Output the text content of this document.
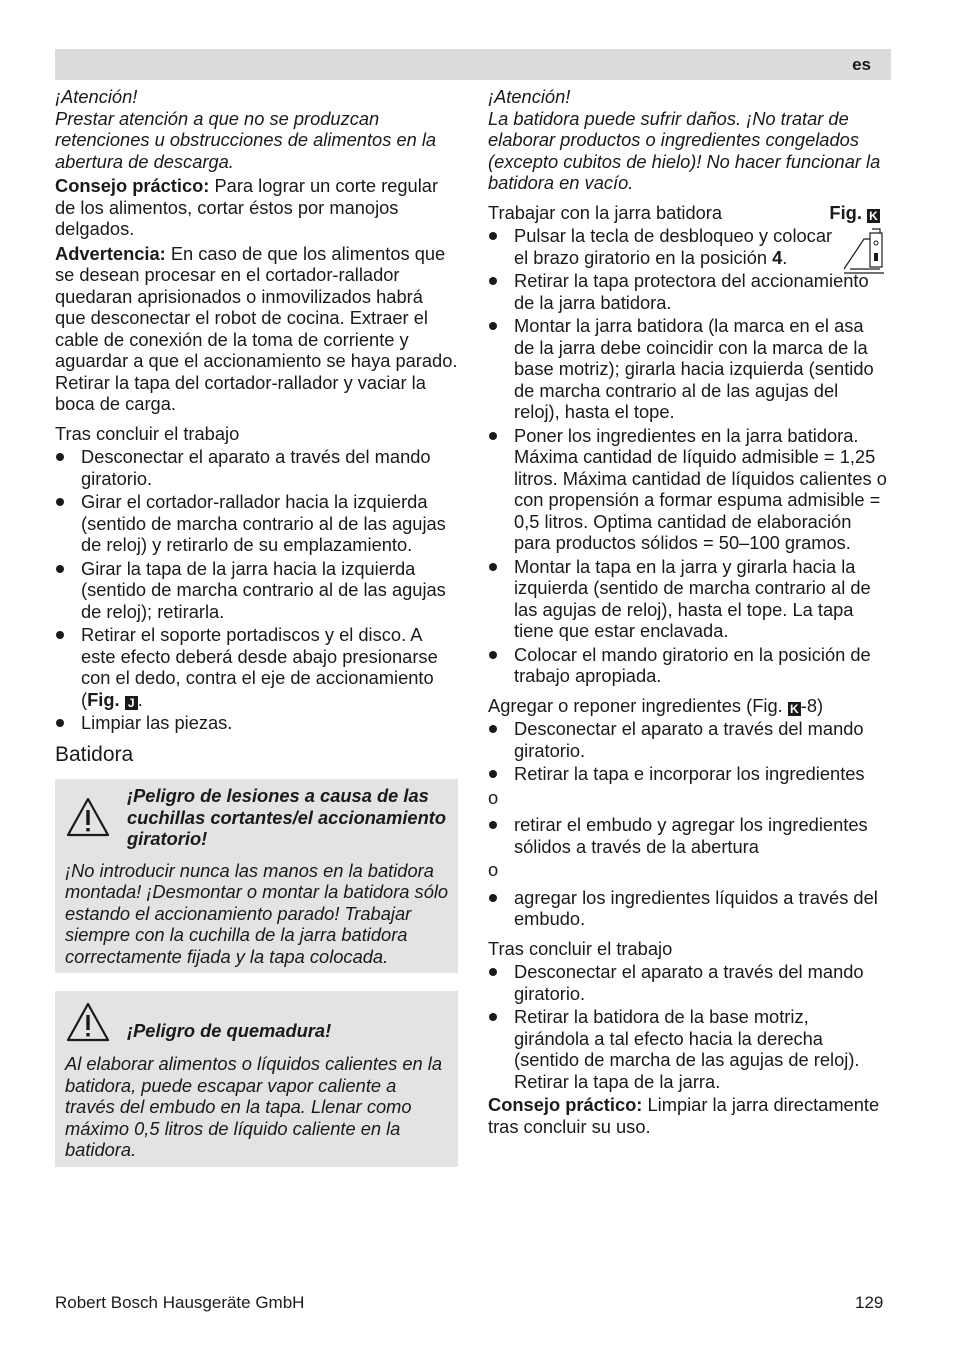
es

¡Atención!

Prestar atención a que no se produzcan retenciones u obstrucciones de alimentos en la abertura de descarga.

Consejo práctico: Para lograr un corte regular de los alimentos, cortar éstos por manojos delgados.

Advertencia: En caso de que los alimentos que se desean procesar en el cortador-rallador quedaran aprisionados o inmovilizados habrá que desconectar el robot de cocina. Extraer el cable de conexión de la toma de corriente y aguardar a que el accionamiento se haya parado. Retirar la tapa del cortador-rallador y vaciar la boca de carga.

Tras concluir el trabajo

Desconectar el aparato a través del mando giratorio.
Girar el cortador-rallador hacia la izquierda (sentido de marcha contrario al de las agujas de reloj) y retirarlo de su emplazamiento.
Girar la tapa de la jarra hacia la izquierda (sentido de marcha contrario al de las agujas de reloj); retirarla.
Retirar el soporte portadiscos y el disco. A este efecto deberá desde abajo presionarse con el dedo, contra el eje de accionamiento (Fig. J .
Limpiar las piezas.

Batidora

¡Peligro de lesiones a causa de las cuchillas cortantes/el accionamiento giratorio!

¡No introducir nunca las manos en la batidora montada! ¡Desmontar o montar la batidora sólo estando el accionamiento parado! Trabajar siempre con la cuchilla de la jarra batidora correctamente fijada y la tapa colocada.

¡Peligro de quemadura!

Al elaborar alimentos o líquidos calientes en la batidora, puede escapar vapor caliente a través del embudo en la tapa. Llenar como máximo 0,5 litros de líquido caliente en la batidora.

¡Atención!

La batidora puede sufrir daños. ¡No tratar de elaborar productos o ingredientes congelados (excepto cubitos de hielo)! No hacer funcionar la batidora en vacío.

Trabajar con la jarra batidora	Fig. K
Pulsar la tecla de desbloqueo y colocar el brazo giratorio en la posición 4.
Retirar la tapa protectora del accionamiento de la jarra batidora.
Montar la jarra batidora (la marca en el asa de la jarra debe coincidir con la marca de la base motriz); girarla hacia izquierda (sentido de marcha contrario al de las agujas del reloj), hasta el tope.
Poner los ingredientes en la jarra batidora.
Máxima cantidad de líquido admisible = 1,25 litros. Máxima cantidad de líquidos calientes o con propensión a formar espuma admisible = 0,5 litros. Optima cantidad de elaboración para productos sólidos = 50–100 gramos.
Montar la tapa en la jarra y girarla hacia la izquierda (sentido de marcha contrario al de las agujas de reloj), hasta el tope. La tapa tiene que estar enclavada.
Colocar el mando giratorio en la posición de trabajo apropiada.

Agregar o reponer ingredientes (Fig. K -8)

Desconectar el aparato a través del mando giratorio.
Retirar la tapa e incorporar los ingredientes

o

retirar el embudo y agregar los ingredientes sólidos a través de la abertura

o

agregar los ingredientes líquidos a través del embudo.

Tras concluir el trabajo

Desconectar el aparato a través del mando giratorio.
Retirar la batidora de la base motriz, girándola a tal efecto hacia la derecha (sentido de marcha de las agujas de reloj). Retirar la tapa de la jarra.

Consejo práctico: Limpiar la jarra directamente tras concluir su uso.

Robert Bosch Hausgeräte GmbH	129
